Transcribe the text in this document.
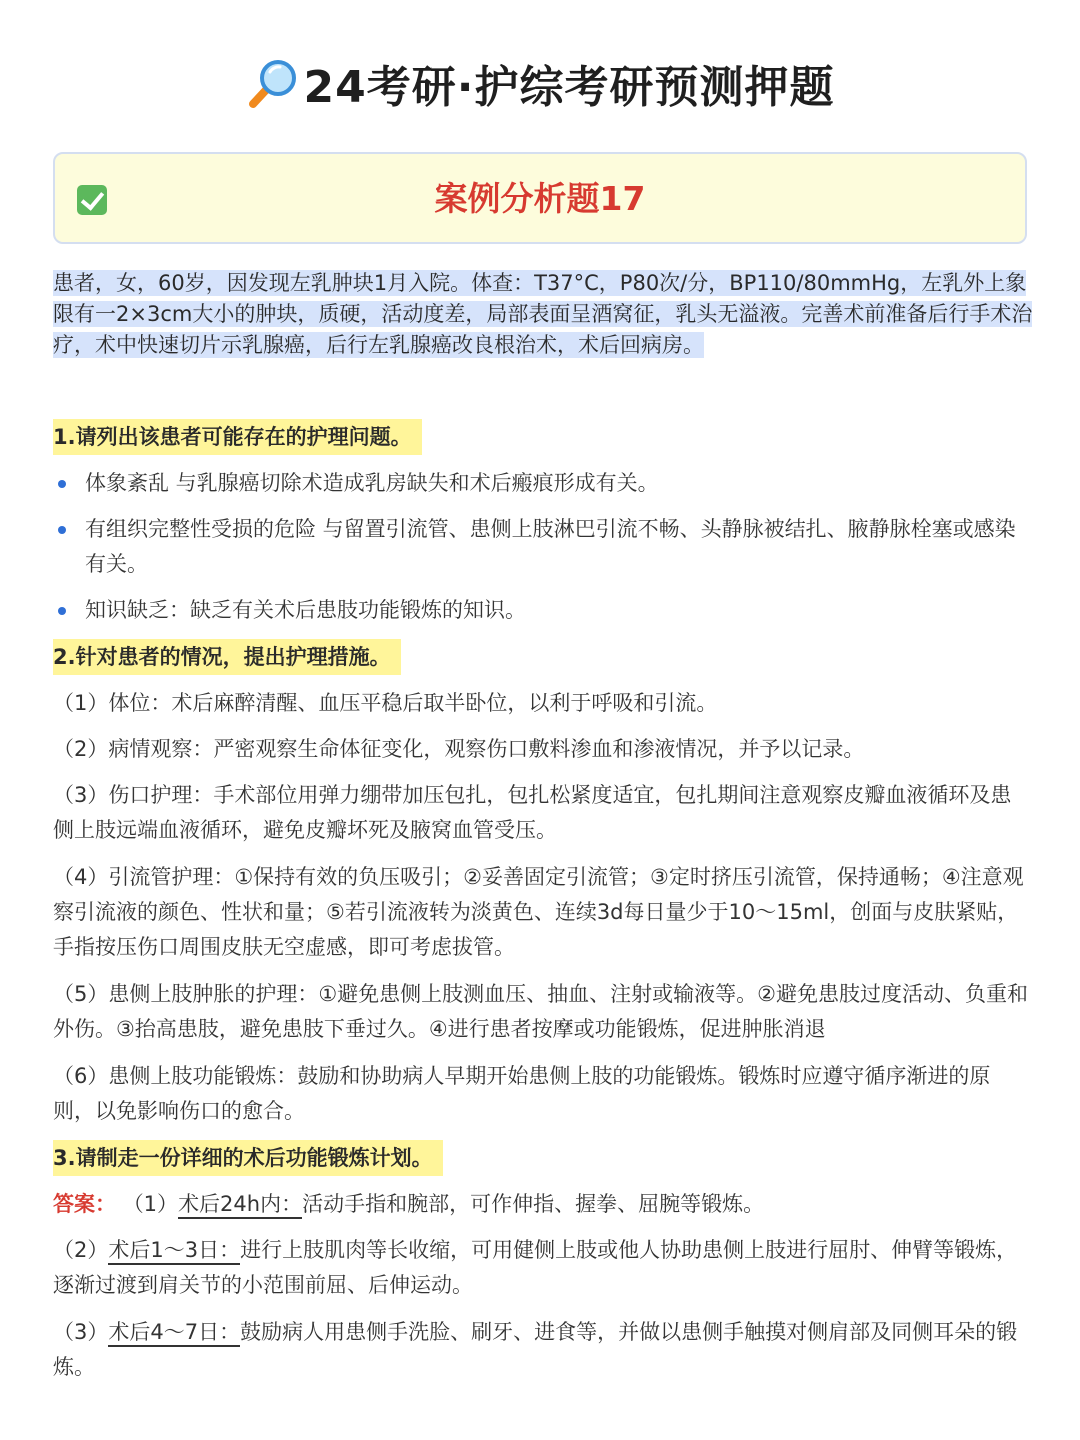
24考研·护综考研预测押题
案例分析题17
患者，女，60岁，因发现左乳肿块1月入院。体查：T37°C，P80次/分，BP110/80mmHg，左乳外上象限有一2×3cm大小的肿块，质硬，活动度差，局部表面呈酒窝征，乳头无溢液。完善术前准备后行手术治疗，术中快速切片示乳腺癌，后行左乳腺癌改良根治术，术后回病房。
1.请列出该患者可能存在的护理问题。
体象紊乱 与乳腺癌切除术造成乳房缺失和术后瘢痕形成有关。
有组织完整性受损的危险 与留置引流管、患侧上肢淋巴引流不畅、头静脉被结扎、腋静脉栓塞或感染有关。
知识缺乏：缺乏有关术后患肢功能锻炼的知识。
2.针对患者的情况，提出护理措施。
（1）体位：术后麻醉清醒、血压平稳后取半卧位，以利于呼吸和引流。
（2）病情观察：严密观察生命体征变化，观察伤口敷料渗血和渗液情况，并予以记录。
（3）伤口护理：手术部位用弹力绷带加压包扎，包扎松紧度适宜，包扎期间注意观察皮瓣血液循环及患侧上肢远端血液循环，避免皮瓣坏死及腋窝血管受压。
（4）引流管护理：①保持有效的负压吸引；②妥善固定引流管；③定时挤压引流管，保持通畅；④注意观察引流液的颜色、性状和量；⑤若引流液转为淡黄色、连续3d每日量少于10～15ml，创面与皮肤紧贴，手指按压伤口周围皮肤无空虚感，即可考虑拔管。
（5）患侧上肢肿胀的护理：①避免患侧上肢测血压、抽血、注射或输液等。②避免患肢过度活动、负重和外伤。③抬高患肢，避免患肢下垂过久。④进行患者按摩或功能锻炼，促进肿胀消退
（6）患侧上肢功能锻炼：鼓励和协助病人早期开始患侧上肢的功能锻炼。锻炼时应遵守循序渐进的原则，以免影响伤口的愈合。
3.请制走一份详细的术后功能锻炼计划。
答案： （1）术后24h内：活动手指和腕部，可作伸指、握拳、屈腕等锻炼。
（2）术后1～3日：进行上肢肌肉等长收缩，可用健侧上肢或他人协助患侧上肢进行屈肘、伸臂等锻炼，逐渐过渡到肩关节的小范围前屈、后伸运动。
（3）术后4～7日：鼓励病人用患侧手洗脸、刷牙、进食等，并做以患侧手触摸对侧肩部及同侧耳朵的锻炼。
